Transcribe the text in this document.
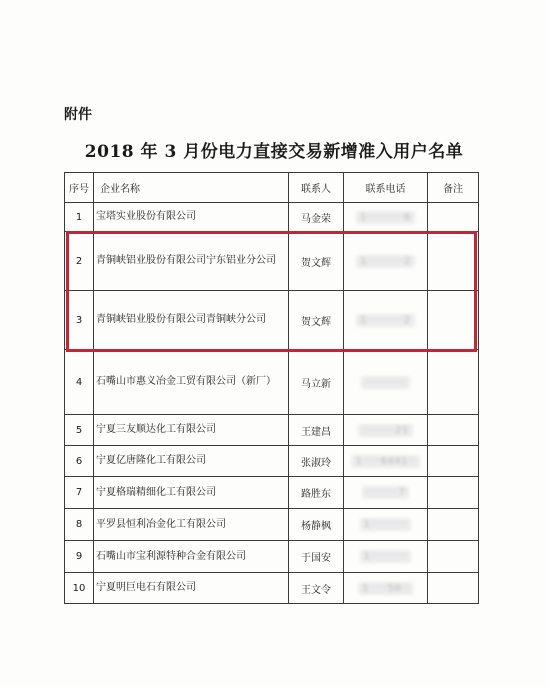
附件
2018 年 3 月份电力直接交易新增准入用户名单
序号	企业名称	联系人	联系电话	备注
1	宝塔实业股份有限公司	马金荣	1··········6	
2	青铜峡铝业股份有限公司宁东铝业分公司	贺文辉	1··········2	
3	青铜峡铝业股份有限公司青铜峡分公司	贺文辉	1··········2	
4	石嘴山市惠义冶金工贸有限公司（新厂）	马立新	···········	
5	宁夏三友顺达化工有限公司	王建昌	·········21	
6	宁夏亿唐隆化工有限公司	张淑玲	1·····6441··	
7	宁夏格瑞精细化工有限公司	路胜东	·········7	
8	平罗县恒利冶金化工有限公司	杨静枫	1··········	
9	石嘴山市宝利源特种合金有限公司	于国安	1··········	
10	宁夏明巨电石有限公司	王文令	1·····56··	
